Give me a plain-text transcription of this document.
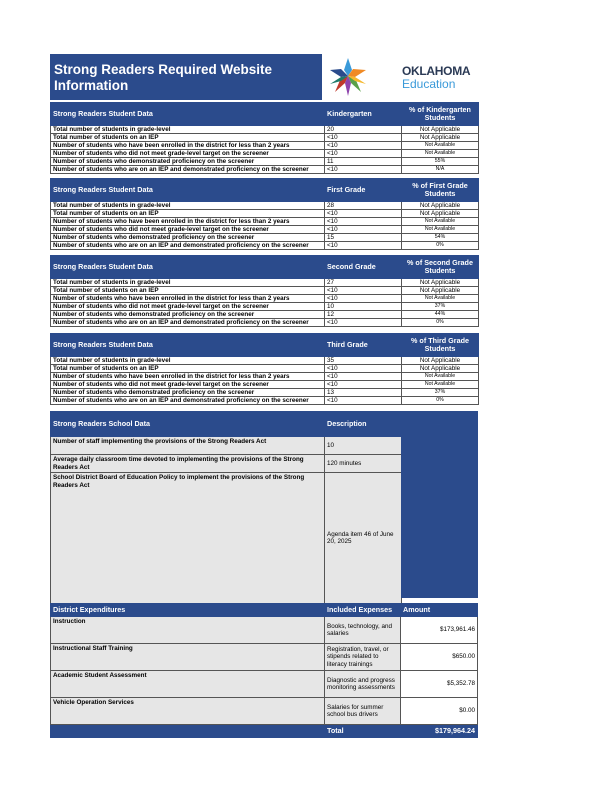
Strong Readers Required Website
Information
OKLAHOMA
Education
Strong Readers Student Data	Kindergarten	% of Kindergarten Students
Total number of students in grade-level	20	Not Applicable
Total number of students on an IEP	<10	Not Applicable
Number of students who have been enrolled in the district for less than 2 years	<10	Not Available
Number of students who did not meet grade-level target on the screener	<10	Not Available
Number of students who demonstrated proficiency on the screener	11	55%
Number of students who are on an IEP and demonstrated proficiency on the screener	<10	N/A
Strong Readers Student Data	First Grade	% of First Grade Students
Total number of students in grade-level	28	Not Applicable
Total number of students on an IEP	<10	Not Applicable
Number of students who have been enrolled in the district for less than 2 years	<10	Not Available
Number of students who did not meet grade-level target on the screener	<10	Not Available
Number of students who demonstrated proficiency on the screener	15	54%
Number of students who are on an IEP and demonstrated proficiency on the screener	<10	0%
Strong Readers Student Data	Second Grade	% of Second Grade Students
Total number of students in grade-level	27	Not Applicable
Total number of students on an IEP	<10	Not Applicable
Number of students who have been enrolled in the district for less than 2 years	<10	Not Available
Number of students who did not meet grade-level target on the screener	10	37%
Number of students who demonstrated proficiency on the screener	12	44%
Number of students who are on an IEP and demonstrated proficiency on the screener	<10	0%
Strong Readers Student Data	Third Grade	% of Third Grade Students
Total number of students in grade-level	35	Not Applicable
Total number of students on an IEP	<10	Not Applicable
Number of students who have been enrolled in the district for less than 2 years	<10	Not Available
Number of students who did not meet grade-level target on the screener	<10	Not Available
Number of students who demonstrated proficiency on the screener	13	37%
Number of students who are on an IEP and demonstrated proficiency on the screener	<10	0%
Strong Readers School Data	Description
Number of staff implementing the provisions of the Strong Readers Act	10
Average daily classroom time devoted to implementing the provisions of the Strong Readers Act	120 minutes
School District Board of Education Policy to implement the provisions of the Strong Readers Act	Agenda item 46 of June 20, 2025
District Expenditures	Included Expenses	Amount
Instruction	Books, technology, and salaries	$173,961.46
Instructional Staff Training	Registration, travel, or stipends related to literacy trainings	$650.00
Academic Student Assessment	Diagnostic and progress monitoring assessments	$5,352.78
Vehicle Operation Services	Salaries for summer school bus drivers	$0.00
	Total	$179,964.24
